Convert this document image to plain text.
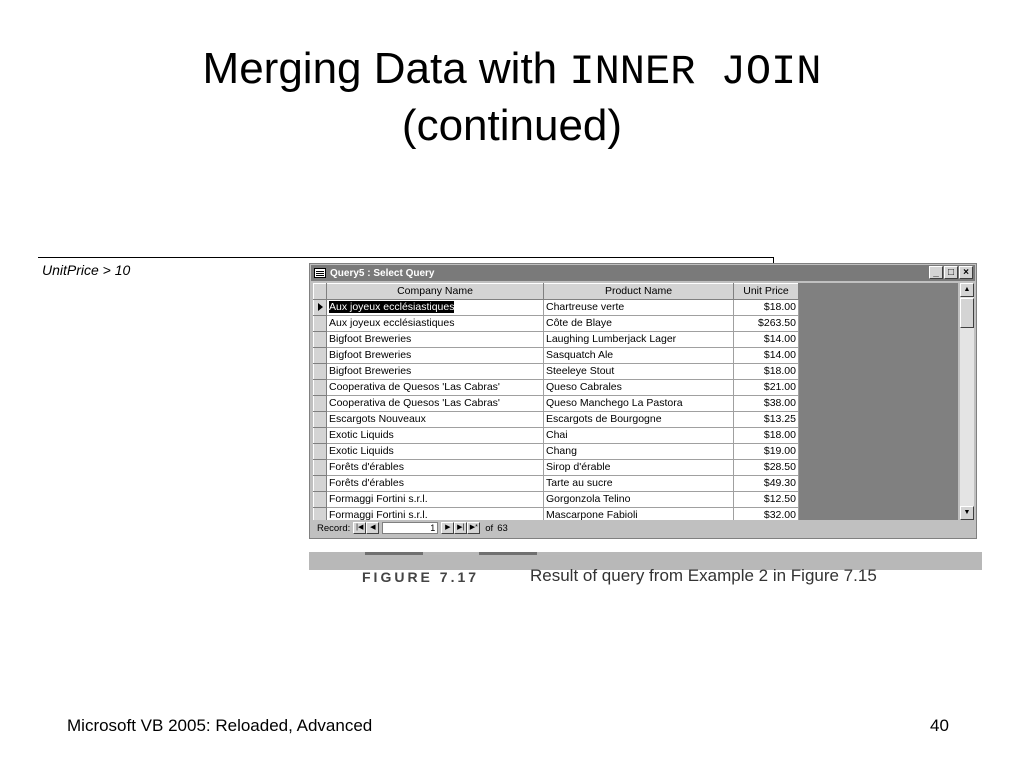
Merging Data with INNER JOIN
(continued)
UnitPrice > 10	Query5 : Select Query	_ □ ×
	Company Name	Product Name	Unit Price
	Aux joyeux ecclésiastiques	Chartreuse verte	$18.00
	Aux joyeux ecclésiastiques	Côte de Blaye	$263.50
	Bigfoot Breweries	Laughing Lumberjack Lager	$14.00
	Bigfoot Breweries	Sasquatch Ale	$14.00
	Bigfoot Breweries	Steeleye Stout	$18.00
	Cooperativa de Quesos 'Las Cabras'	Queso Cabrales	$21.00
	Cooperativa de Quesos 'Las Cabras'	Queso Manchego La Pastora	$38.00
	Escargots Nouveaux	Escargots de Bourgogne	$13.25
	Exotic Liquids	Chai	$18.00
	Exotic Liquids	Chang	$19.00
	Forêts d'érables	Sirop d'érable	$28.50
	Forêts d'érables	Tarte au sucre	$49.30
	Formaggi Fortini s.r.l.	Gorgonzola Telino	$12.50
	Formaggi Fortini s.r.l.	Mascarpone Fabioli	$32.00
▲
▼
Record: |◀ ◀	1	▶ ▶| ▶* of 63
FIGURE 7.17	Result of query from Example 2 in Figure 7.15
Microsoft VB 2005: Reloaded, Advanced	40
